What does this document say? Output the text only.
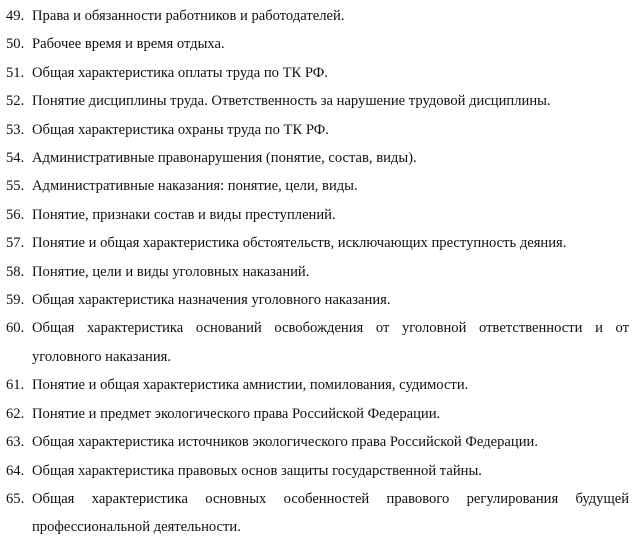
49. Права и обязанности работников и работодателей.
50. Рабочее время и время отдыха.
51. Общая характеристика оплаты труда по ТК РФ.
52. Понятие дисциплины труда. Ответственность за нарушение трудовой дисциплины.
53. Общая характеристика охраны труда по ТК РФ.
54. Административные правонарушения (понятие, состав, виды).
55. Административные наказания: понятие, цели, виды.
56. Понятие, признаки состав и виды преступлений.
57. Понятие и общая характеристика обстоятельств, исключающих преступность деяния.
58. Понятие, цели и виды уголовных наказаний.
59. Общая характеристика назначения уголовного наказания.
60. Общая характеристика оснований освобождения от уголовной ответственности и от уголовного наказания.
61. Понятие и общая характеристика амнистии, помилования, судимости.
62. Понятие и предмет экологического права Российской Федерации.
63. Общая характеристика источников экологического права Российской Федерации.
64. Общая характеристика правовых основ защиты государственной тайны.
65. Общая характеристика основных особенностей правового регулирования будущей профессиональной деятельности.
